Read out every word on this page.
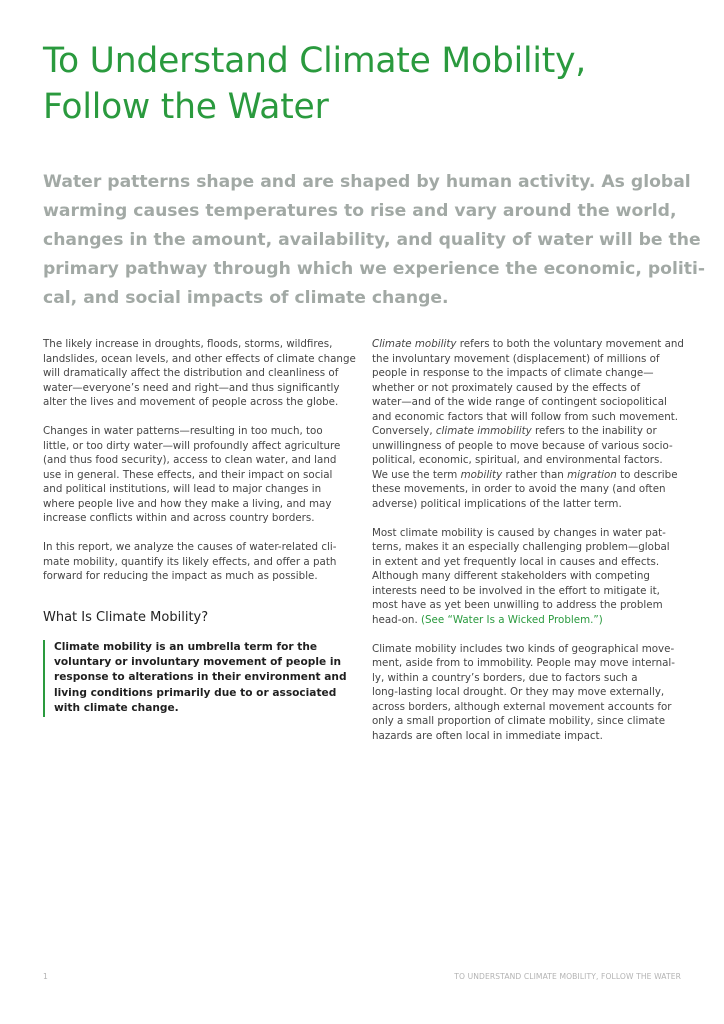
To Understand Climate Mobility,
Follow the Water

Water patterns shape and are shaped by human activity. As global
warming causes temperatures to rise and vary around the world,
changes in the amount, availability, and quality of water will be the
primary pathway through which we experience the economic, politi-
cal, and social impacts of climate change.

The likely increase in droughts, floods, storms, wildfires,
landslides, ocean levels, and other effects of climate change
will dramatically affect the distribution and cleanliness of
water—everyone’s need and right—and thus significantly
alter the lives and movement of people across the globe.

Changes in water patterns—resulting in too much, too
little, or too dirty water—will profoundly affect agriculture
(and thus food security), access to clean water, and land
use in general. These effects, and their impact on social
and political institutions, will lead to major changes in
where people live and how they make a living, and may
increase conflicts within and across country borders.

In this report, we analyze the causes of water-related cli-
mate mobility, quantify its likely effects, and offer a path
forward for reducing the impact as much as possible.

What Is Climate Mobility?
Climate mobility is an umbrella term for the
voluntary or involuntary movement of people in
response to alterations in their environment and
living conditions primarily due to or associated
with climate change.

Climate mobility refers to both the voluntary movement and
the involuntary movement (displacement) of millions of
people in response to the impacts of climate change—
whether or not proximately caused by the effects of
water—and of the wide range of contingent sociopolitical
and economic factors that will follow from such movement.
Conversely, climate immobility refers to the inability or
unwillingness of people to move because of various socio-
political, economic, spiritual, and environmental factors.
We use the term mobility rather than migration to describe
these movements, in order to avoid the many (and often
adverse) political implications of the latter term.

Most climate mobility is caused by changes in water pat-
terns, makes it an especially challenging problem—global
in extent and yet frequently local in causes and effects.
Although many different stakeholders with competing
interests need to be involved in the effort to mitigate it,
most have as yet been unwilling to address the problem
head-on. (See “Water Is a Wicked Problem.”)

Climate mobility includes two kinds of geographical move-
ment, aside from to immobility. People may move internal-
ly, within a country’s borders, due to factors such a
long-lasting local drought. Or they may move externally,
across borders, although external movement accounts for
only a small proportion of climate mobility, since climate
hazards are often local in immediate impact.

1	TO UNDERSTAND CLIMATE MOBILITY, FOLLOW THE WATER
